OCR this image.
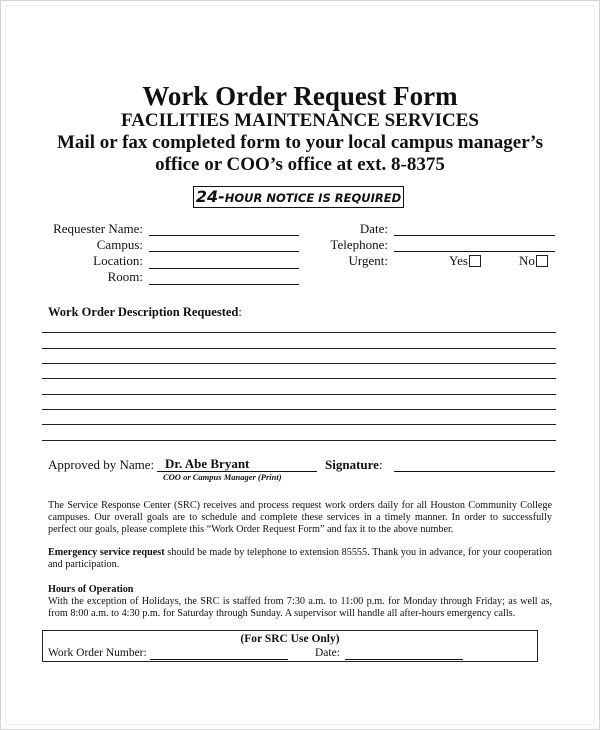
Work Order Request Form
FACILITIES MAINTENANCE SERVICES
Mail or fax completed form to your local campus manager’s
office or COO’s office at ext. 8-8375
24-HOUR NOTICE IS REQUIRED
Requester Name:
Campus:
Location:
Room:
Date:
Telephone:
Urgent:	Yes	No
Work Order Description Requested:
Approved by Name: Dr. Abe Bryant
COO or Campus Manager (Print)
Signature:
The Service Response Center (SRC) receives and process request work orders daily for all Houston Community College campuses. Our overall goals are to schedule and complete these services in a timely manner. In order to successfully perfect our goals, please complete this “Work Order Request Form” and fax it to the above number.
Emergency service request should be made by telephone to extension 85555. Thank you in advance, for your cooperation and participation.
Hours of Operation
With the exception of Holidays, the SRC is staffed from 7:30 a.m. to 11:00 p.m. for Monday through Friday; as well as, from 8:00 a.m. to 4:30 p.m. for Saturday through Sunday. A supervisor will handle all after-hours emergency calls.
(For SRC Use Only)
Work Order Number:	Date:
